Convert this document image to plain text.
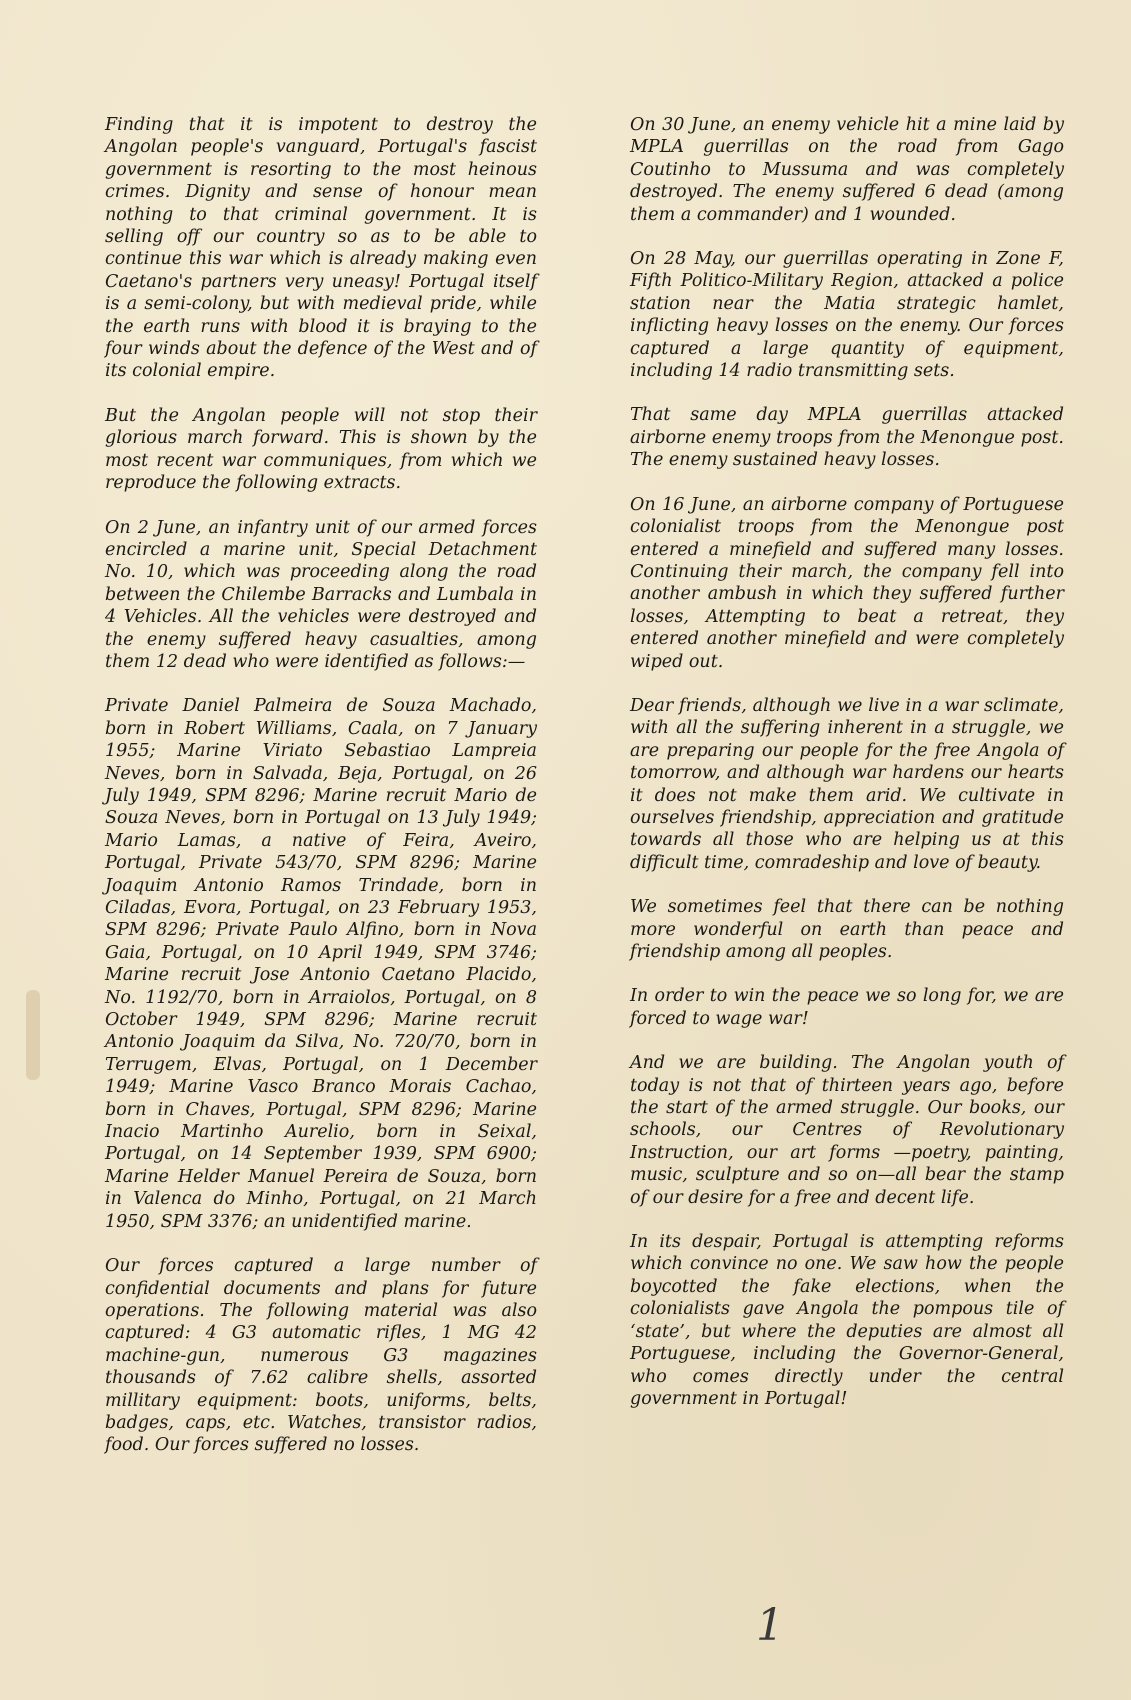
Finding that it is impotent to destroy the Angolan people's vanguard, Portugal's fascist government is resorting to the most heinous crimes. Dignity and sense of honour mean nothing to that criminal government. It is selling off our country so as to be able to continue this war which is already making even Caetano's partners very uneasy! Portugal itself is a semi-colony, but with medieval pride, while the earth runs with blood it is braying to the four winds about the defence of the West and of its colonial empire.

But the Angolan people will not stop their glorious march forward. This is shown by the most recent war communiques, from which we reproduce the following extracts.

On 2 June, an infantry unit of our armed forces encircled a marine unit, Special Detachment No. 10, which was proceeding along the road between the Chilembe Barracks and Lumbala in 4 Vehicles. All the vehicles were destroyed and the enemy suffered heavy casualties, among them 12 dead who were identified as follows:—

Private Daniel Palmeira de Souza Machado, born in Robert Williams, Caala, on 7 January 1955; Marine Viriato Sebastiao Lampreia Neves, born in Salvada, Beja, Portugal, on 26 July 1949, SPM 8296; Marine recruit Mario de Souza Neves, born in Portugal on 13 July 1949; Mario Lamas, a native of Feira, Aveiro, Portugal, Private 543/70, SPM 8296; Marine Joaquim Antonio Ramos Trindade, born in Ciladas, Evora, Portugal, on 23 February 1953, SPM 8296; Private Paulo Alfino, born in Nova Gaia, Portugal, on 10 April 1949, SPM 3746; Marine recruit Jose Antonio Caetano Placido, No. 1192/70, born in Arraiolos, Portugal, on 8 October 1949, SPM 8296; Marine recruit Antonio Joaquim da Silva, No. 720/70, born in Terrugem, Elvas, Portugal, on 1 December 1949; Marine Vasco Branco Morais Cachao, born in Chaves, Portugal, SPM 8296; Marine Inacio Martinho Aurelio, born in Seixal, Portugal, on 14 September 1939, SPM 6900; Marine Helder Manuel Pereira de Souza, born in Valenca do Minho, Portugal, on 21 March 1950, SPM 3376; an unidentified marine.

Our forces captured a large number of confidential documents and plans for future operations. The following material was also captured: 4 G3 automatic rifles, 1 MG 42 machine-gun, numerous G3 magazines thousands of 7.62 calibre shells, assorted millitary equipment: boots, uniforms, belts, badges, caps, etc. Watches, transistor radios, food. Our forces suffered no losses.

On 30 June, an enemy vehicle hit a mine laid by MPLA guerrillas on the road from Gago Coutinho to Mussuma and was completely destroyed. The enemy suffered 6 dead (among them a commander) and 1 wounded.

On 28 May, our guerrillas operating in Zone F, Fifth Politico-Military Region, attacked a police station near the Matia strategic hamlet, inflicting heavy losses on the enemy. Our forces captured a large quantity of equipment, including 14 radio transmitting sets.

That same day MPLA guerrillas attacked airborne enemy troops from the Menongue post. The enemy sustained heavy losses.

On 16 June, an airborne company of Portuguese colonialist troops from the Menongue post entered a minefield and suffered many losses. Continuing their march, the company fell into another ambush in which they suffered further losses, Attempting to beat a retreat, they entered another minefield and were completely wiped out.

Dear friends, although we live in a war sclimate, with all the suffering inherent in a struggle, we are preparing our people for the free Angola of tomorrow, and although war hardens our hearts it does not make them arid. We cultivate in ourselves friendship, appreciation and gratitude towards all those who are helping us at this difficult time, comradeship and love of beauty.

We sometimes feel that there can be nothing more wonderful on earth than peace and friendship among all peoples.

In order to win the peace we so long for, we are forced to wage war!

And we are building. The Angolan youth of today is not that of thirteen years ago, before the start of the armed struggle. Our books, our schools, our Centres of Revolutionary Instruction, our art forms —poetry, painting, music, sculpture and so on—all bear the stamp of our desire for a free and decent life.

In its despair, Portugal is attempting reforms which convince no one. We saw how the people boycotted the fake elections, when the colonialists gave Angola the pompous tile of ‘state’, but where the deputies are almost all Portuguese, including the Governor-General, who comes directly under the central government in Portugal!

1
